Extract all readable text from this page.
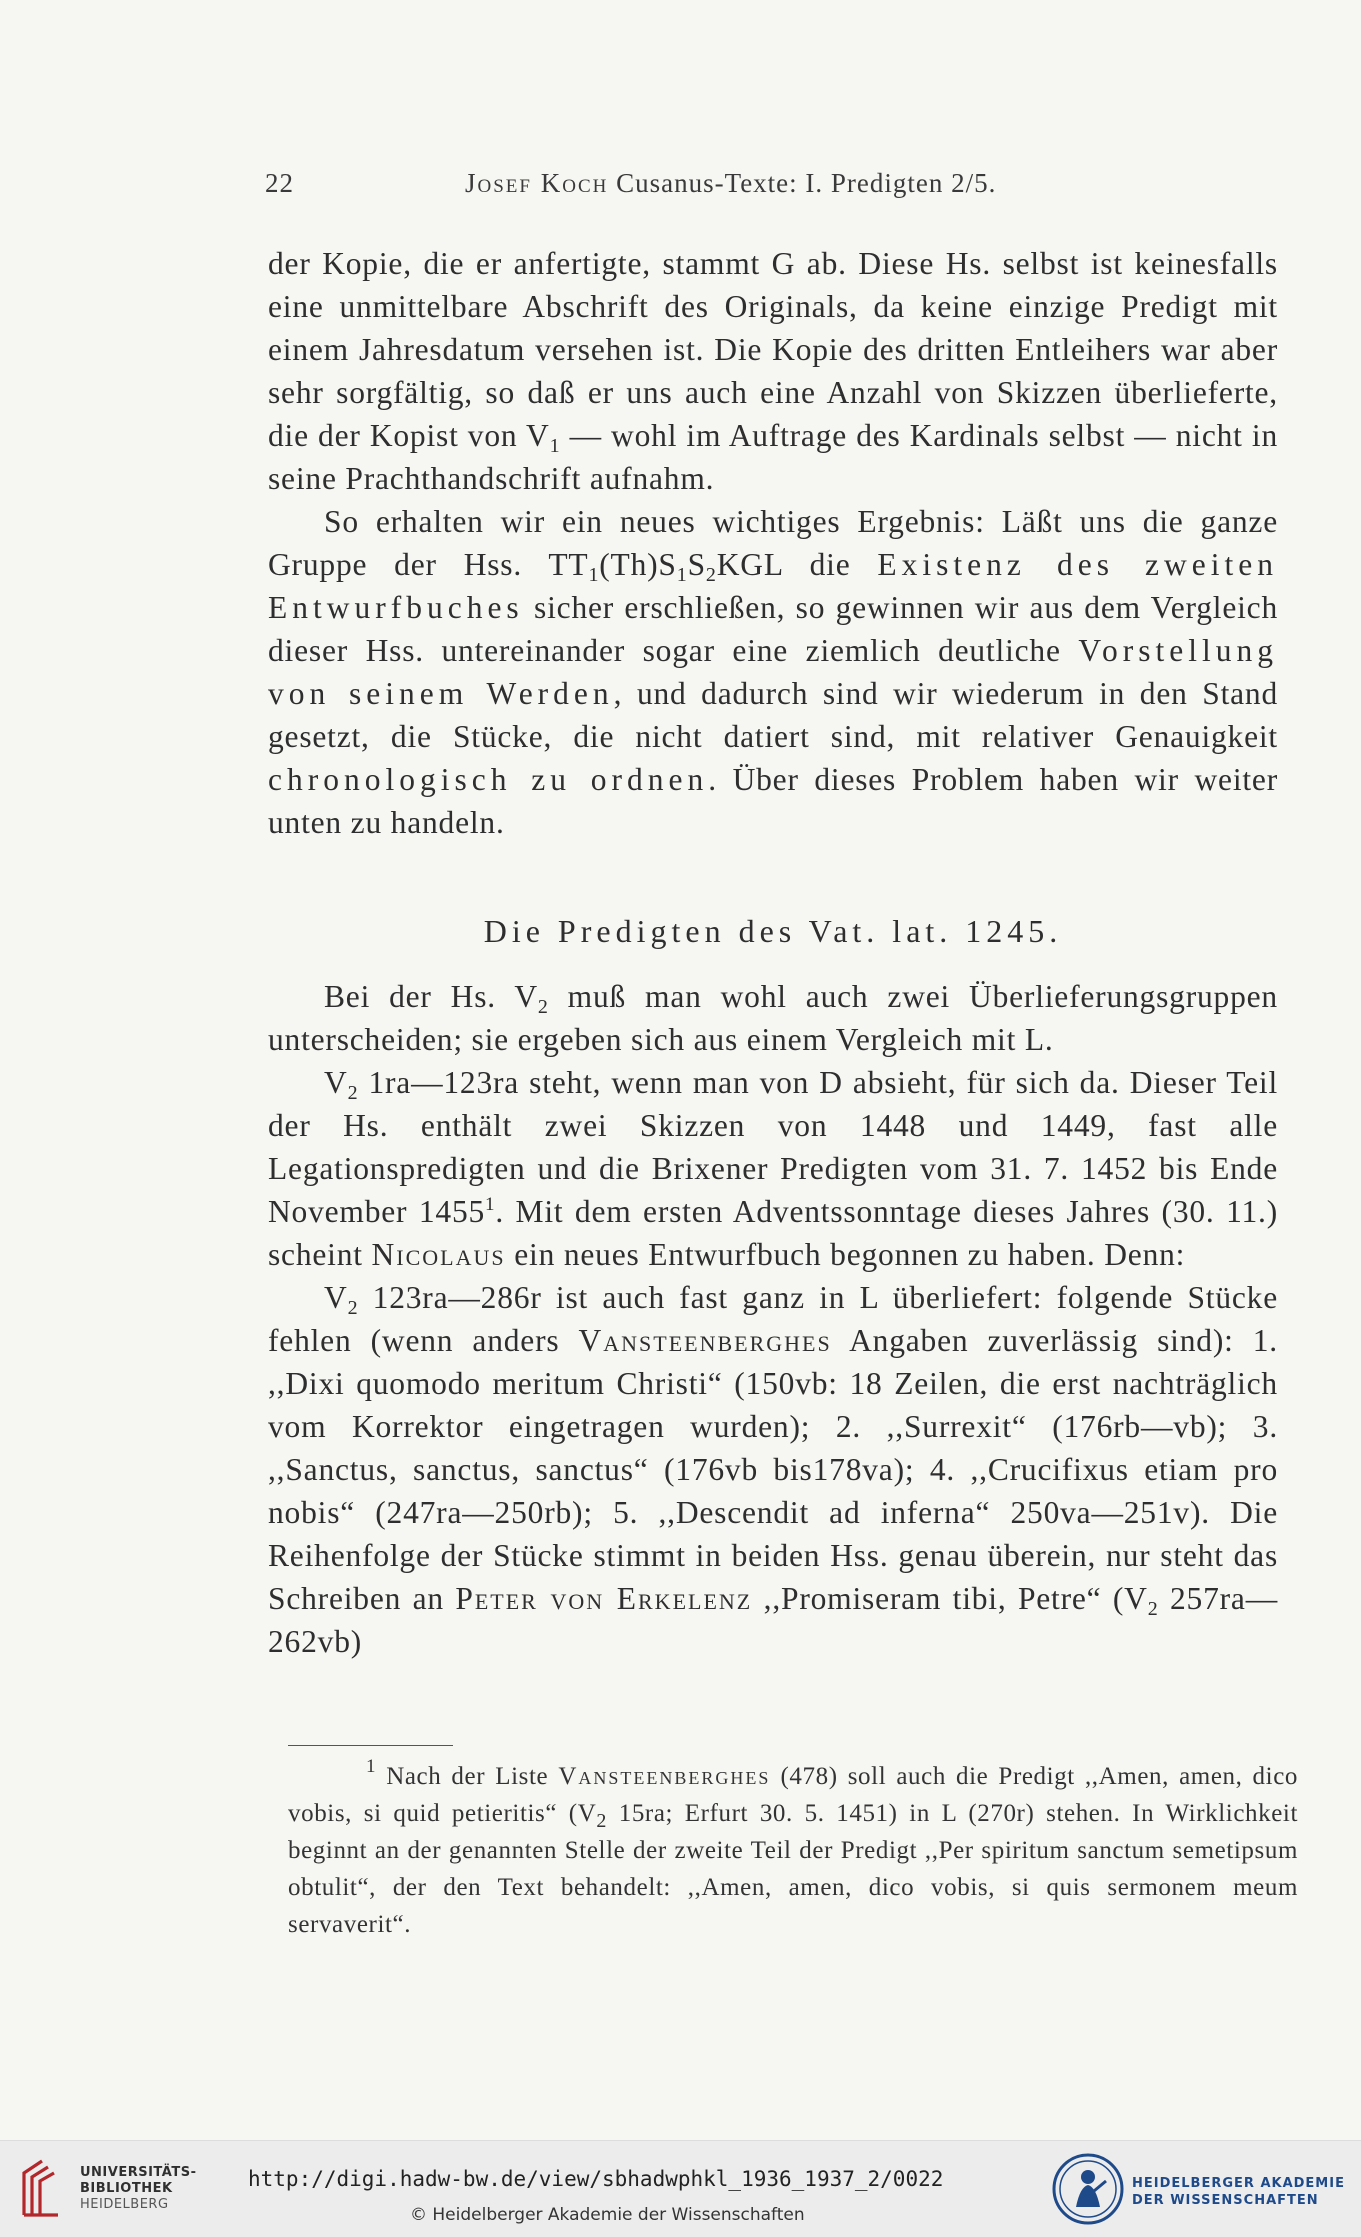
22	Josef Koch Cusanus-Texte: I. Predigten 2/5.

der Kopie, die er anfertigte, stammt G ab. Diese Hs. selbst ist keinesfalls eine unmittelbare Abschrift des Originals, da keine einzige Predigt mit einem Jahresdatum versehen ist. Die Kopie des dritten Entleihers war aber sehr sorgfältig, so daß er uns auch eine Anzahl von Skizzen überlieferte, die der Kopist von $V_1$ — wohl im Auftrage des Kardinals selbst — nicht in seine Prachthandschrift aufnahm.

So erhalten wir ein neues wichtiges Ergebnis: Läßt uns die ganze Gruppe der Hss. $TT_1(Th)S_1S_2KGL$ die Existenz des zweiten Entwurfbuches sicher erschließen, so gewinnen wir aus dem Vergleich dieser Hss. untereinander sogar eine ziemlich deutliche Vorstellung von seinem Werden, und dadurch sind wir wiederum in den Stand gesetzt, die Stücke, die nicht datiert sind, mit relativer Genauigkeit chronologisch zu ordnen. Über dieses Problem haben wir weiter unten zu handeln.

Die Predigten des Vat. lat. 1245.

Bei der Hs. $V_2$ muß man wohl auch zwei Überlieferungsgruppen unterscheiden; sie ergeben sich aus einem Vergleich mit L.

$V_2$ 1ra—123ra steht, wenn man von D absieht, für sich da. Dieser Teil der Hs. enthält zwei Skizzen von 1448 und 1449, fast alle Legationspredigten und die Brixener Predigten vom 31. 7. 1452 bis Ende November 1455$^1$. Mit dem ersten Adventssonntage dieses Jahres (30. 11.) scheint Nicolaus ein neues Entwurfbuch begonnen zu haben. Denn:

$V_2$ 123ra—286r ist auch fast ganz in L überliefert: folgende Stücke fehlen (wenn anders Vansteenberghes Angaben zuverlässig sind): 1. ,,Dixi quomodo meritum Christi“ (150vb: 18 Zeilen, die erst nachträglich vom Korrektor eingetragen wurden); 2. ,,Surrexit“ (176rb—vb); 3. ,,Sanctus, sanctus, sanctus“ (176vb bis178va); 4. ,,Crucifixus etiam pro nobis“ (247ra—250rb); 5. ,,Descendit ad inferna“ 250va—251v). Die Reihenfolge der Stücke stimmt in beiden Hss. genau überein, nur steht das Schreiben an Peter von Erkelenz ,,Promiseram tibi, Petre“ ($V_2$ 257ra—262vb)

$^1$ Nach der Liste Vansteenberghes (478) soll auch die Predigt ,,Amen, amen, dico vobis, si quid petieritis“ ($V_2$ 15ra; Erfurt 30. 5. 1451) in L (270r) stehen. In Wirklichkeit beginnt an der genannten Stelle der zweite Teil der Predigt ,,Per spiritum sanctum semetipsum obtulit“, der den Text behandelt: ,,Amen, amen, dico vobis, si quis sermonem meum servaverit“.

UNIVERSITÄTS-
BIBLIOTHEK
HEIDELBERG
http://digi.hadw-bw.de/view/sbhadwphkl_1936_1937_2/0022
© Heidelberger Akademie der Wissenschaften
HEIDELBERGER AKADEMIE
DER WISSENSCHAFTEN
